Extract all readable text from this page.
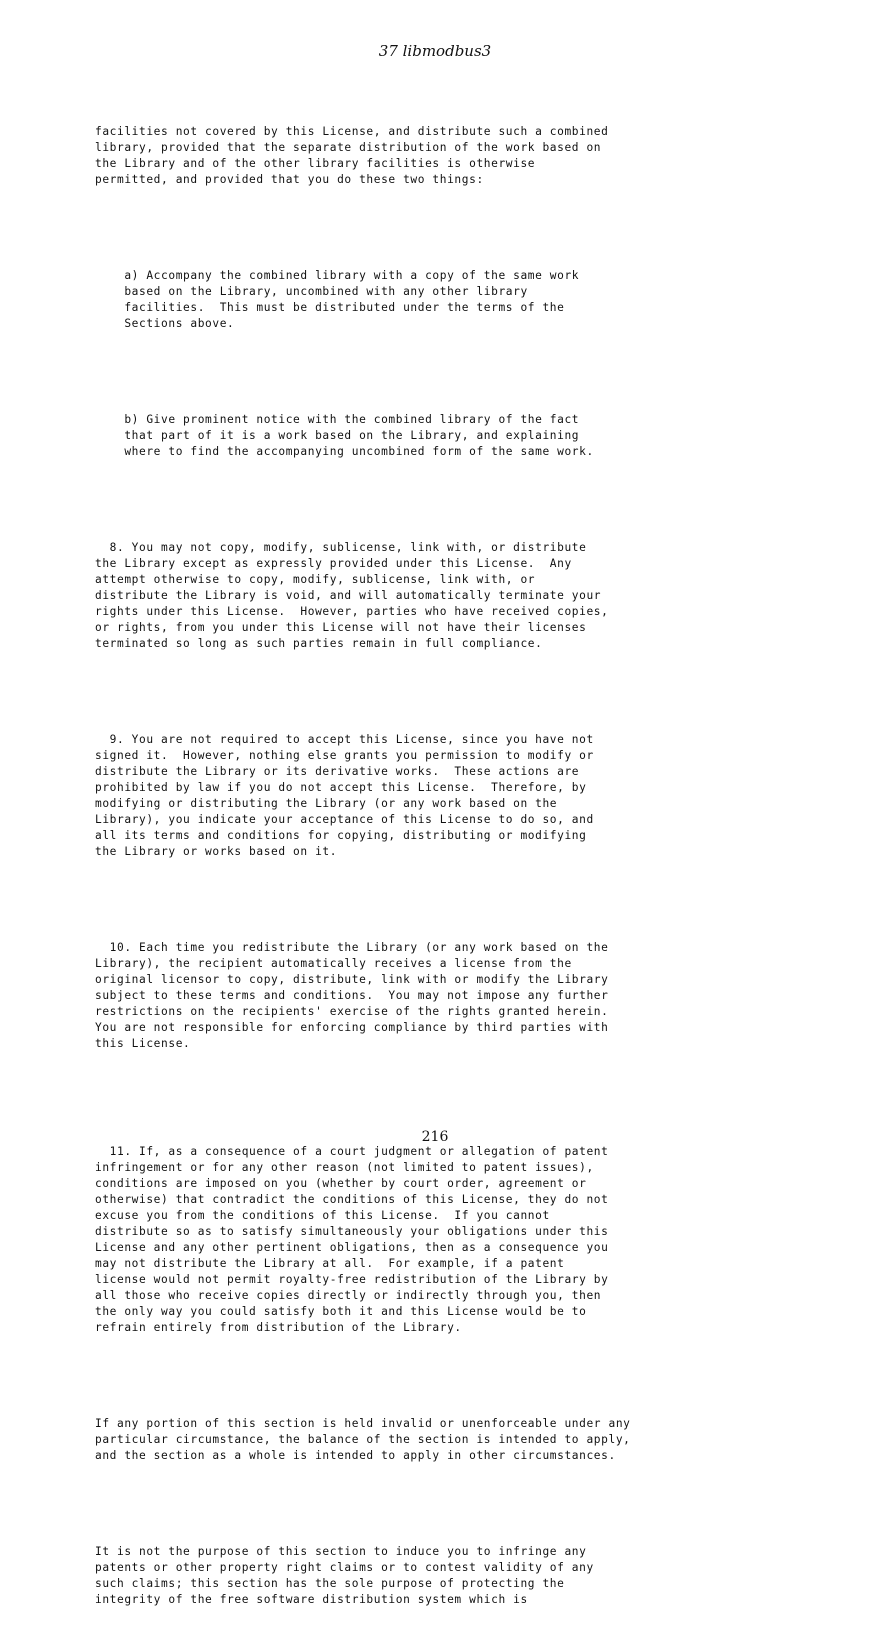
37 libmodbus3

facilities not covered by this License, and distribute such a combined
library, provided that the separate distribution of the work based on
the Library and of the other library facilities is otherwise
permitted, and provided that you do these two things:

a) Accompany the combined library with a copy of the same work
based on the Library, uncombined with any other library
facilities.  This must be distributed under the terms of the
Sections above.

b) Give prominent notice with the combined library of the fact
that part of it is a work based on the Library, and explaining
where to find the accompanying uncombined form of the same work.

8. You may not copy, modify, sublicense, link with, or distribute
the Library except as expressly provided under this License.  Any
attempt otherwise to copy, modify, sublicense, link with, or
distribute the Library is void, and will automatically terminate your
rights under this License.  However, parties who have received copies,
or rights, from you under this License will not have their licenses
terminated so long as such parties remain in full compliance.

9. You are not required to accept this License, since you have not
signed it.  However, nothing else grants you permission to modify or
distribute the Library or its derivative works.  These actions are
prohibited by law if you do not accept this License.  Therefore, by
modifying or distributing the Library (or any work based on the
Library), you indicate your acceptance of this License to do so, and
all its terms and conditions for copying, distributing or modifying
the Library or works based on it.

10. Each time you redistribute the Library (or any work based on the
Library), the recipient automatically receives a license from the
original licensor to copy, distribute, link with or modify the Library
subject to these terms and conditions.  You may not impose any further
restrictions on the recipients' exercise of the rights granted herein.
You are not responsible for enforcing compliance by third parties with
this License.

11. If, as a consequence of a court judgment or allegation of patent
infringement or for any other reason (not limited to patent issues),
conditions are imposed on you (whether by court order, agreement or
otherwise) that contradict the conditions of this License, they do not
excuse you from the conditions of this License.  If you cannot
distribute so as to satisfy simultaneously your obligations under this
License and any other pertinent obligations, then as a consequence you
may not distribute the Library at all.  For example, if a patent
license would not permit royalty-free redistribution of the Library by
all those who receive copies directly or indirectly through you, then
the only way you could satisfy both it and this License would be to
refrain entirely from distribution of the Library.

If any portion of this section is held invalid or unenforceable under any
particular circumstance, the balance of the section is intended to apply,
and the section as a whole is intended to apply in other circumstances.

It is not the purpose of this section to induce you to infringe any
patents or other property right claims or to contest validity of any
such claims; this section has the sole purpose of protecting the
integrity of the free software distribution system which is

216
